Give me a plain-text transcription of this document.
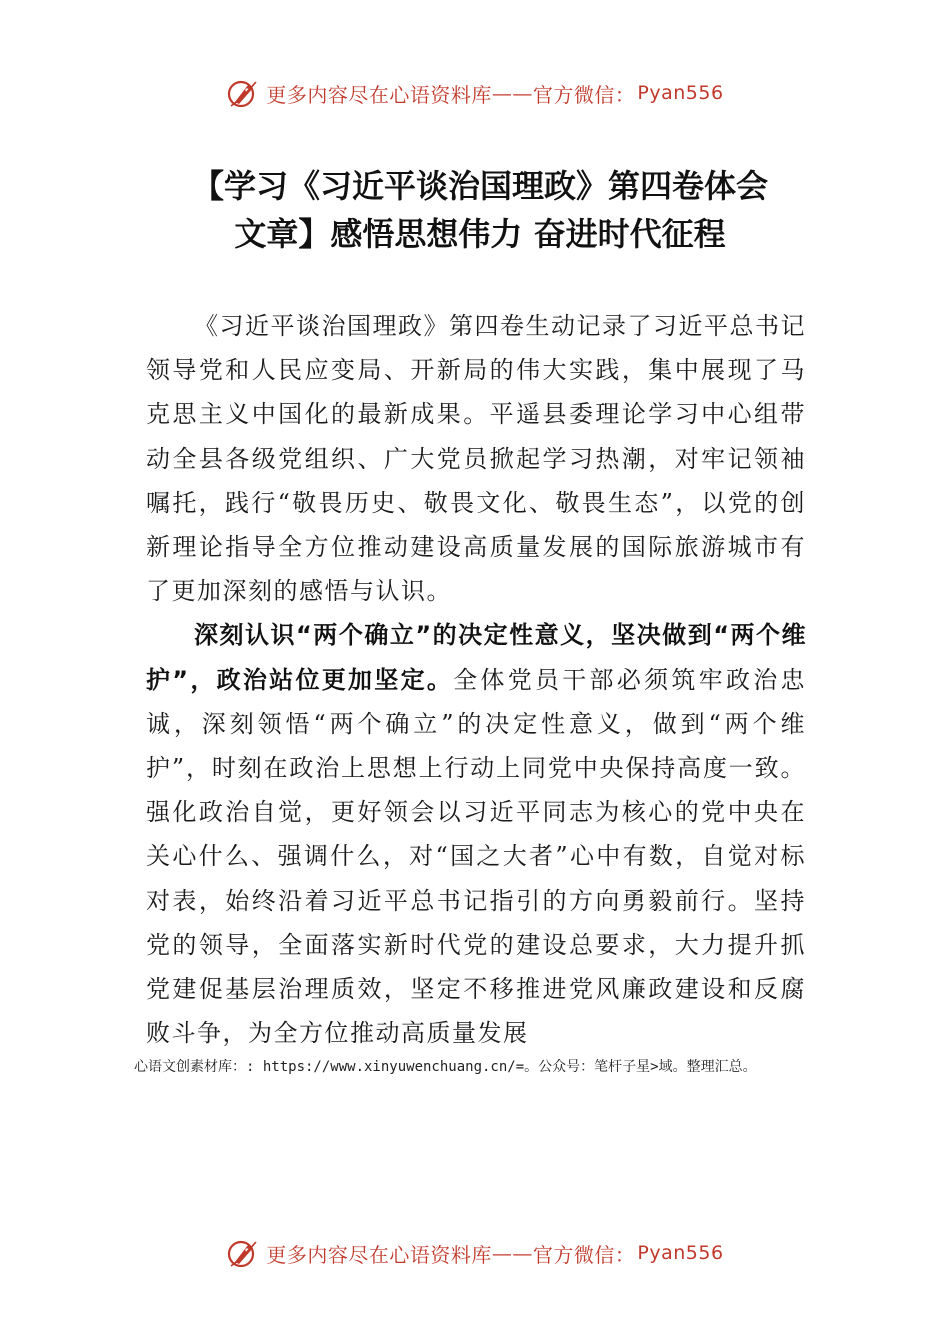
更多内容尽在心语资料库 —— 官方微信： Pyan556
【学习《习近平谈治国理政》第四卷体会
文章】感悟思想伟力 奋进时代征程

《习近平谈治国理政》第四卷生动记录了习近平总书记领导党和人民应变局、开新局的伟大实践，集中展现了马克思主义中国化的最新成果。平遥县委理论学习中心组带动全县各级党组织、广大党员掀起学习热潮，对牢记领袖嘱托，践行“敬畏历史、敬畏文化、敬畏生态”，以党的创新理论指导全方位推动建设高质量发展的国际旅游城市有了更加深刻的感悟与认识。

深刻认识“两个确立”的决定性意义，坚决做到“两个维护”，政治站位更加坚定。全体党员干部必须筑牢政治忠诚，深刻领悟“两个确立”的决定性意义，做到“两个维护”，时刻在政治上思想上行动上同党中央保持高度一致。强化政治自觉，更好领会以习近平同志为核心的党中央在关心什么、强调什么，对“国之大者”心中有数，自觉对标对表，始终沿着习近平总书记指引的方向勇毅前行。坚持党的领导，全面落实新时代党的建设总要求，大力提升抓党建促基层治理质效，坚定不移推进党风廉政建设和反腐败斗争，为全方位推动高质量发展

心语文创素材库：: https://www.xinyuwenchuang.cn/=。公众号：笔杆子星>域。整理汇总。
更多内容尽在心语资料库 —— 官方微信： Pyan556
